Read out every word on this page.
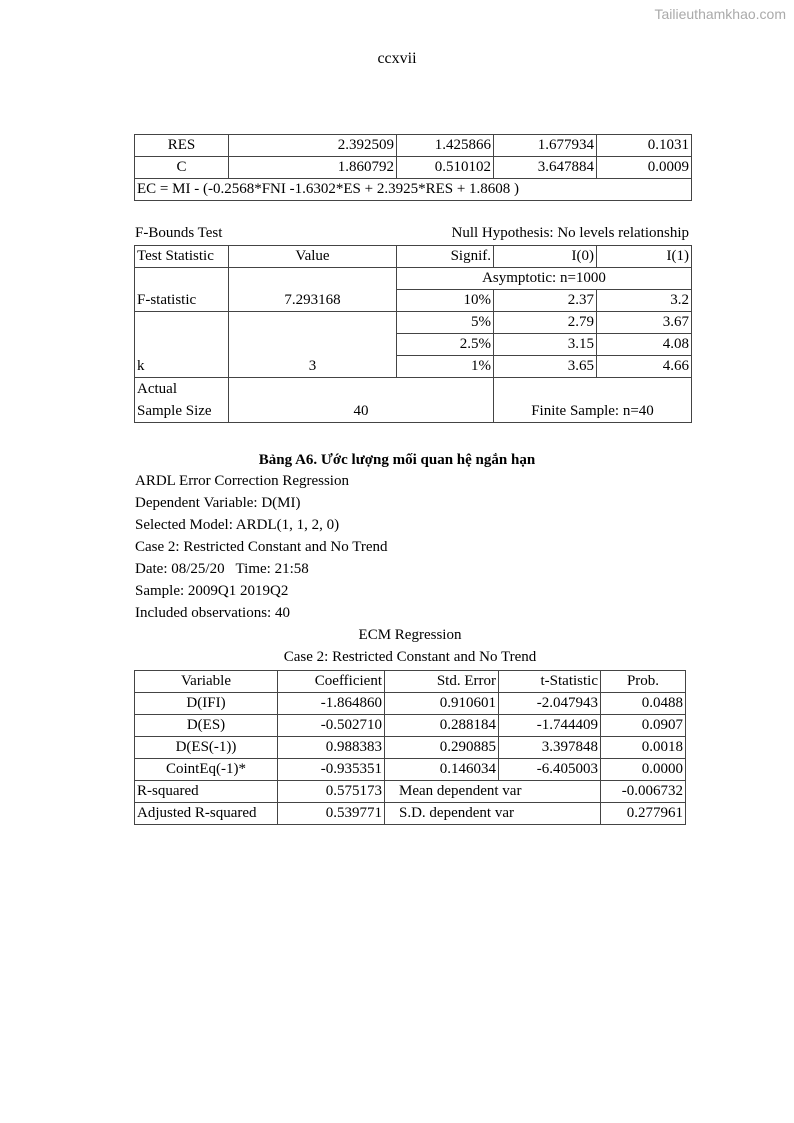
Tailieuthamkhao.com
ccxvii
RES	2.392509	1.425866	1.677934	0.1031
C	1.860792	0.510102	3.647884	0.0009
EC = MI - (-0.2568*FNI -1.6302*ES + 2.3925*RES + 1.8608 )				
F-Bounds Test	Null Hypothesis: No levels relationship
Test Statistic	Value	Signif.	I(0)	I(1)
F-statistic	7.293168	Asymptotic: n=1000		
		10%	2.37	3.2
k	3	5%	2.79	3.67
		2.5%	3.15	4.08
		1%	3.65	4.66
Actual
Sample Size	40		Finite Sample: n=40	
Bảng A6. Ước lượng mối quan hệ ngắn hạn
ARDL Error Correction Regression
Dependent Variable: D(MI)
Selected Model: ARDL(1, 1, 2, 0)
Case 2: Restricted Constant and No Trend
Date: 08/25/20   Time: 21:58
Sample: 2009Q1 2019Q2
Included observations: 40
ECM Regression
Case 2: Restricted Constant and No Trend
Variable	Coefficient	Std. Error	t-Statistic	Prob.
D(IFI)	-1.864860	0.910601	-2.047943	0.0488
D(ES)	-0.502710	0.288184	-1.744409	0.0907
D(ES(-1))	0.988383	0.290885	3.397848	0.0018
CointEq(-1)*	-0.935351	0.146034	-6.405003	0.0000
R-squared	0.575173	Mean dependent var		-0.006732
Adjusted R-squared	0.539771	S.D. dependent var		0.277961
